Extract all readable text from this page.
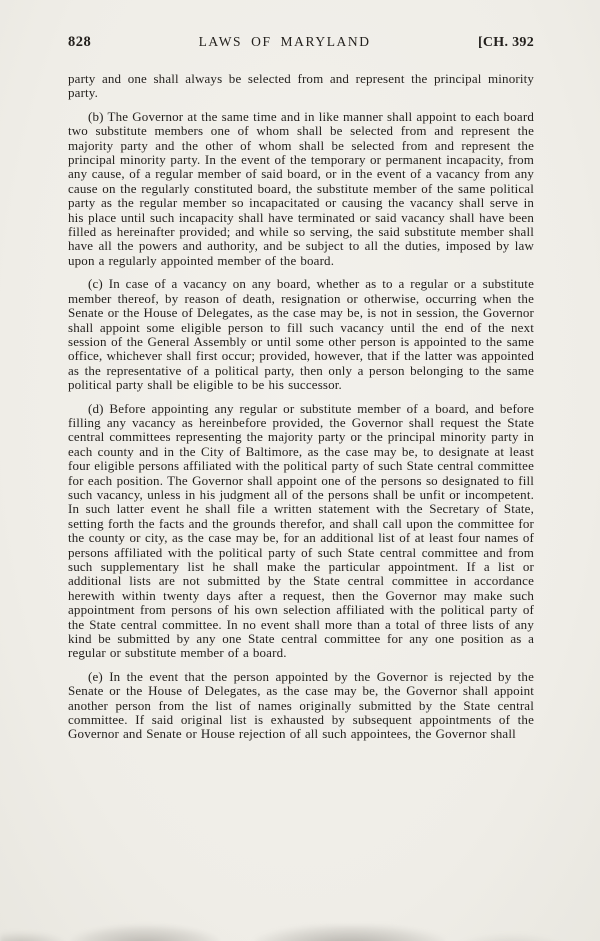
828	LAWS OF MARYLAND	[CH. 392

party and one shall always be selected from and represent the principal minority party.

(b) The Governor at the same time and in like manner shall appoint to each board two substitute members one of whom shall be selected from and represent the majority party and the other of whom shall be selected from and represent the principal minority party. In the event of the temporary or permanent incapacity, from any cause, of a regular member of said board, or in the event of a vacancy from any cause on the regularly constituted board, the substitute member of the same political party as the regular member so incapacitated or causing the vacancy shall serve in his place until such incapacity shall have terminated or said vacancy shall have been filled as hereinafter provided; and while so serving, the said substitute member shall have all the powers and authority, and be subject to all the duties, imposed by law upon a regularly appointed member of the board.

(c) In case of a vacancy on any board, whether as to a regular or a substitute member thereof, by reason of death, resignation or otherwise, occurring when the Senate or the House of Delegates, as the case may be, is not in session, the Governor shall appoint some eligible person to fill such vacancy until the end of the next session of the General Assembly or until some other person is appointed to the same office, whichever shall first occur; provided, however, that if the latter was appointed as the representative of a political party, then only a person belonging to the same political party shall be eligible to be his successor.

(d) Before appointing any regular or substitute member of a board, and before filling any vacancy as hereinbefore provided, the Governor shall request the State central committees representing the majority party or the principal minority party in each county and in the City of Baltimore, as the case may be, to designate at least four eligible persons affiliated with the political party of such State central committee for each position. The Governor shall appoint one of the persons so designated to fill such vacancy, unless in his judgment all of the persons shall be unfit or incompetent. In such latter event he shall file a written statement with the Secretary of State, setting forth the facts and the grounds therefor, and shall call upon the committee for the county or city, as the case may be, for an additional list of at least four names of persons affiliated with the political party of such State central committee and from such supplementary list he shall make the particular appointment. If a list or additional lists are not submitted by the State central committee in accordance herewith within twenty days after a request, then the Governor may make such appointment from persons of his own selection affiliated with the political party of the State central committee. In no event shall more than a total of three lists of any kind be submitted by any one State central committee for any one position as a regular or substitute member of a board.

(e) In the event that the person appointed by the Governor is rejected by the Senate or the House of Delegates, as the case may be, the Governor shall appoint another person from the list of names originally submitted by the State central committee. If said original list is exhausted by subsequent appointments of the Governor and Senate or House rejection of all such appointees, the Governor shall
